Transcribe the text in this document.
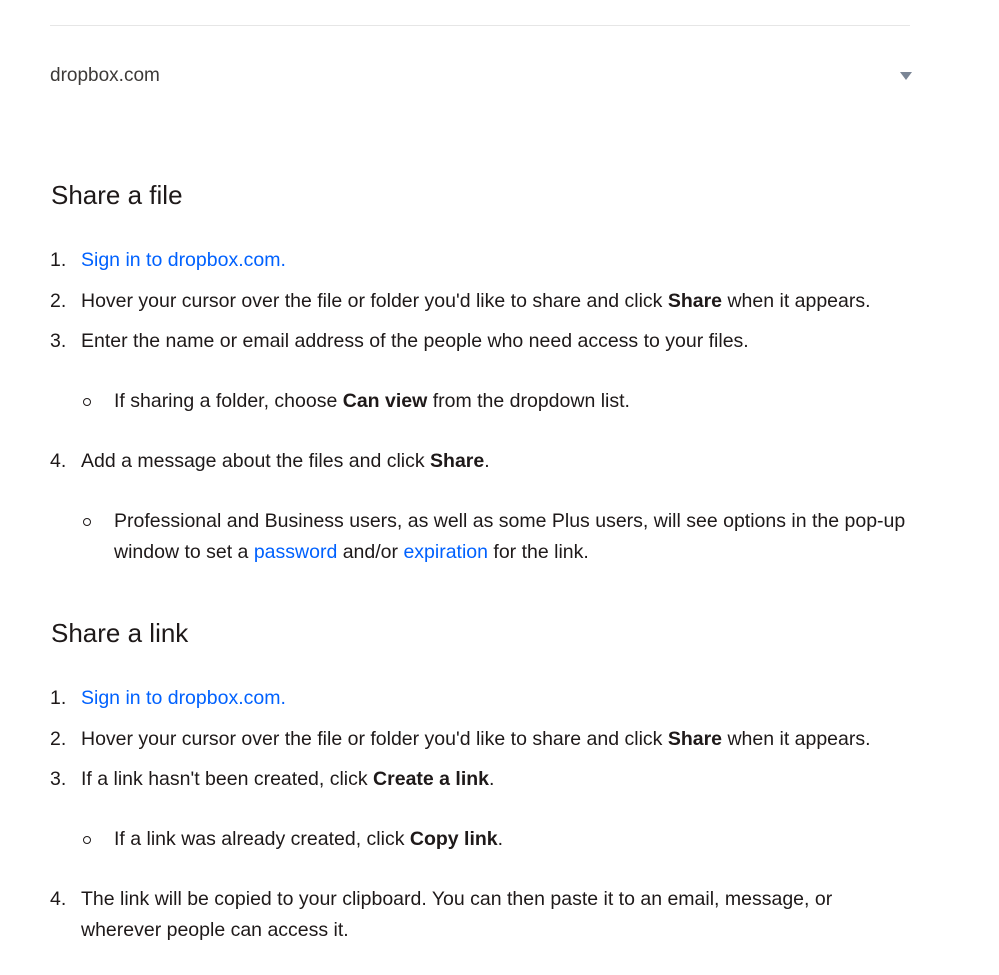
dropbox.com
Share a file
1. Sign in to dropbox.com.
2. Hover your cursor over the file or folder you'd like to share and click Share when it appears.
3. Enter the name or email address of the people who need access to your files.
If sharing a folder, choose Can view from the dropdown list.
4. Add a message about the files and click Share.
Professional and Business users, as well as some Plus users, will see options in the pop-up window to set a password and/or expiration for the link.
Share a link
1. Sign in to dropbox.com.
2. Hover your cursor over the file or folder you'd like to share and click Share when it appears.
3. If a link hasn't been created, click Create a link.
If a link was already created, click Copy link.
4. The link will be copied to your clipboard. You can then paste it to an email, message, or wherever people can access it.
